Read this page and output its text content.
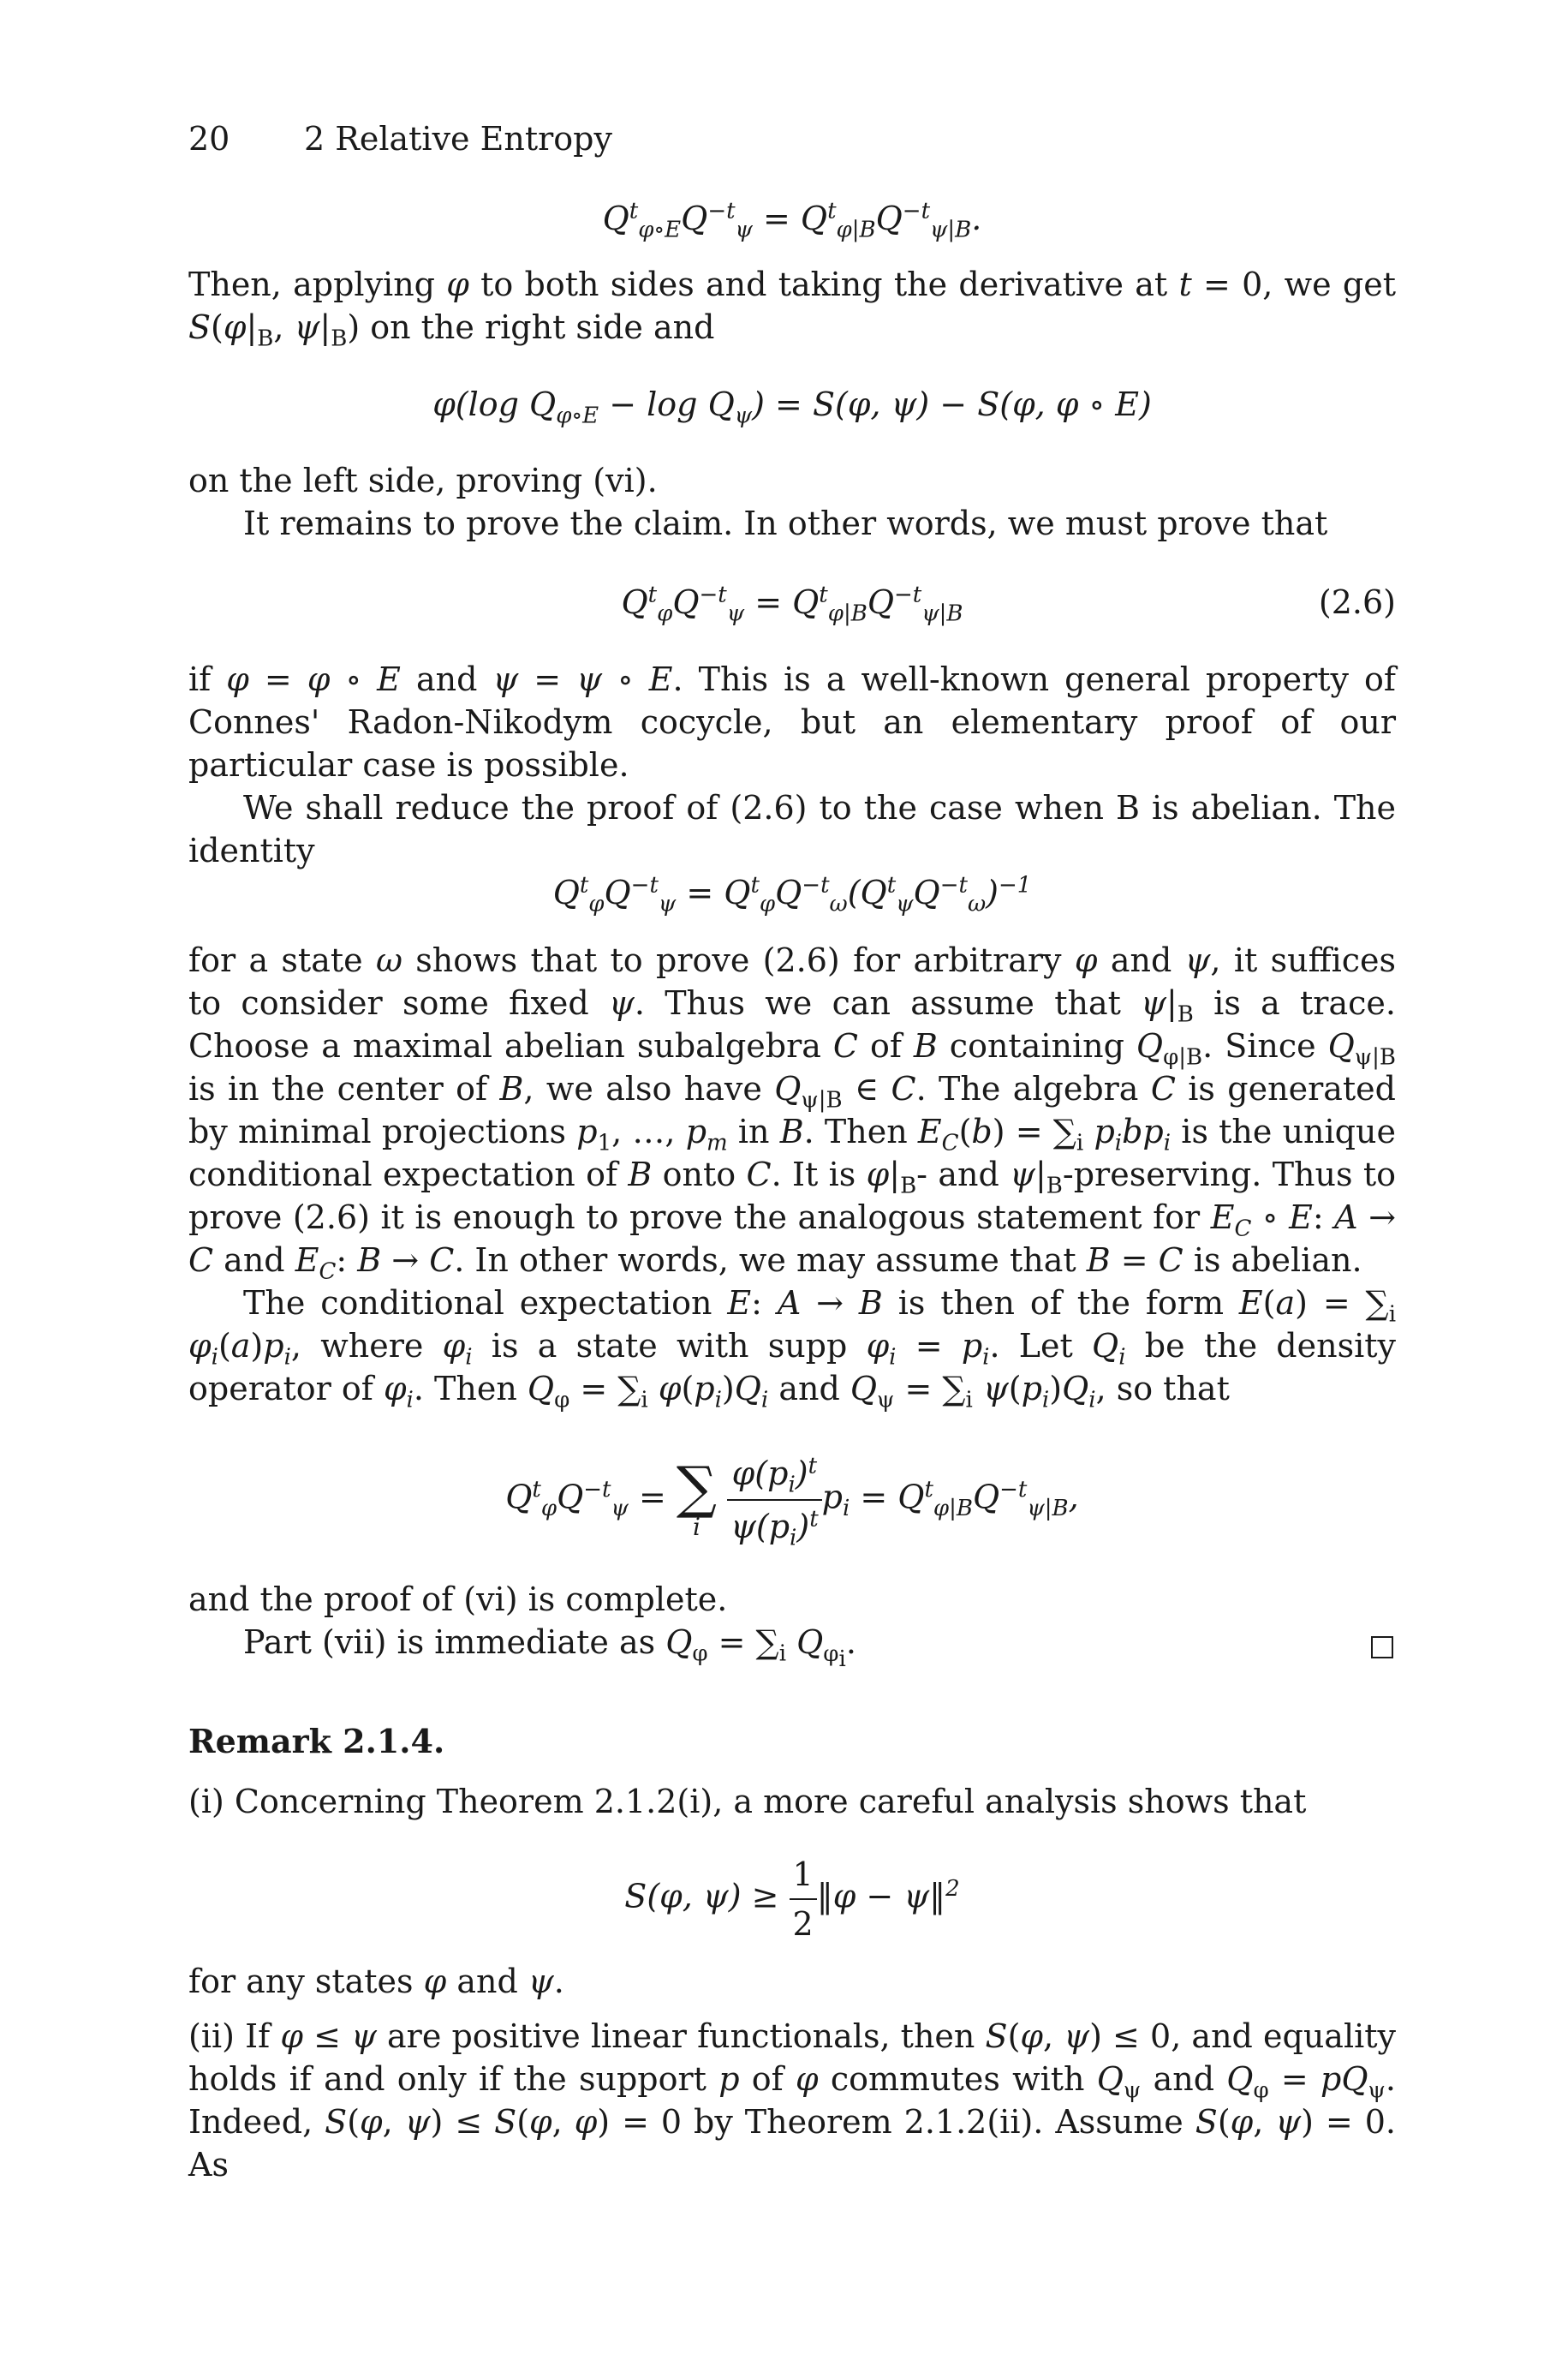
20 2 Relative Entropy
$Q^t_{\varphi\circ E}Q^{-t}_\psi = Q^t_{\varphi|B}Q^{-t}_{\psi|B}$.

Then, applying φ to both sides and taking the derivative at t = 0, we get $S(\varphi|_B$, $\psi|_B$) on the right side and

φ(log $Q_{\varphi\circ E} - \log Q_\psi) = S(\varphi$, ψ) − S(φ, φ ∘ E)

on the left side, proving (vi).

It remains to prove the claim. In other words, we must prove that

$Q^t_\varphi Q^{-t}_\psi = Q^t_{\varphi|B}Q^{-t}_{\psi|B}$	(2.6)

if φ = φ ∘ E and ψ = ψ ∘ E. This is a well-known general property of Connes' Radon-Nikodym cocycle, but an elementary proof of our particular case is possible.

We shall reduce the proof of (2.6) to the case when B is abelian. The identity

$Q^t_\varphi Q^{-t}_\psi = Q^t_\varphi Q^{-t}_\omega(Q^t_\psi Q^{-t}_\omega)^{-1}$

for a state ω shows that to prove (2.6) for arbitrary φ and ψ, it suffices to consider some fixed ψ. Thus we can assume that $\psi|_B$ is a trace. Choose a maximal abelian subalgebra C of B containing $Q_{\varphi|B}$. Since $Q_{\psi|B}$ is in the center of B, we also have $Q_{\psi|B}$ ∈ C. The algebra C is generated by minimal projections $p_1$, …, $p_m$ in B. Then $E_C(b) = \sum_i$ $p_ibp_i$ is the unique conditional expectation of B onto C. It is $\varphi|_B-$ and $\psi|_B$-preserving. Thus to prove (2.6) it is enough to prove the analogous statement for $E_C$ ∘ E: A → C and $E_C$: B → C. In other words, we may assume that B = C is abelian.

The conditional expectation E: A → B is then of the form $E(a) = \sum_i$ $\varphi_i(a)p_i$, where $\varphi_i$ is a state with supp $\varphi_i = p_i$. Let $Q_i$ be the density operator of $\varphi_i$. Then $Q_\varphi = \sum_i$ $\varphi(p_i)Q_i$ and $Q_\psi = \sum_i$ $\psi(p_i)Q_i$, so that

$Q^t_\varphi Q^{-t}_\psi$ = ∑
i
$\frac{\varphi(p_i)^t}{\psi(p_i)^t} p_i = Q^t_{\varphi|B}Q^{-t}_{\psi|B}$,

and the proof of (vi) is complete.

Part (vii) is immediate as $Q_\varphi = \sum_i$ $Q_{\varphi_i}$.

Remark 2.1.4.

(i) Concerning Theorem 2.1.2(i), a more careful analysis shows that

S(φ, $\psi) \ge \frac{1}{2}$ ‖φ − ψ‖$^2$

for any states φ and ψ.

(ii) If φ ≤ ψ are positive linear functionals, then S(φ, ψ) ≤ 0, and equality holds if and only if the support p of φ commutes with $Q_\psi$ and $Q_\varphi = pQ_\psi$. Indeed, S(φ, ψ) ≤ S(φ, φ) = 0 by Theorem 2.1.2(ii). Assume S(φ, ψ) = 0. As
